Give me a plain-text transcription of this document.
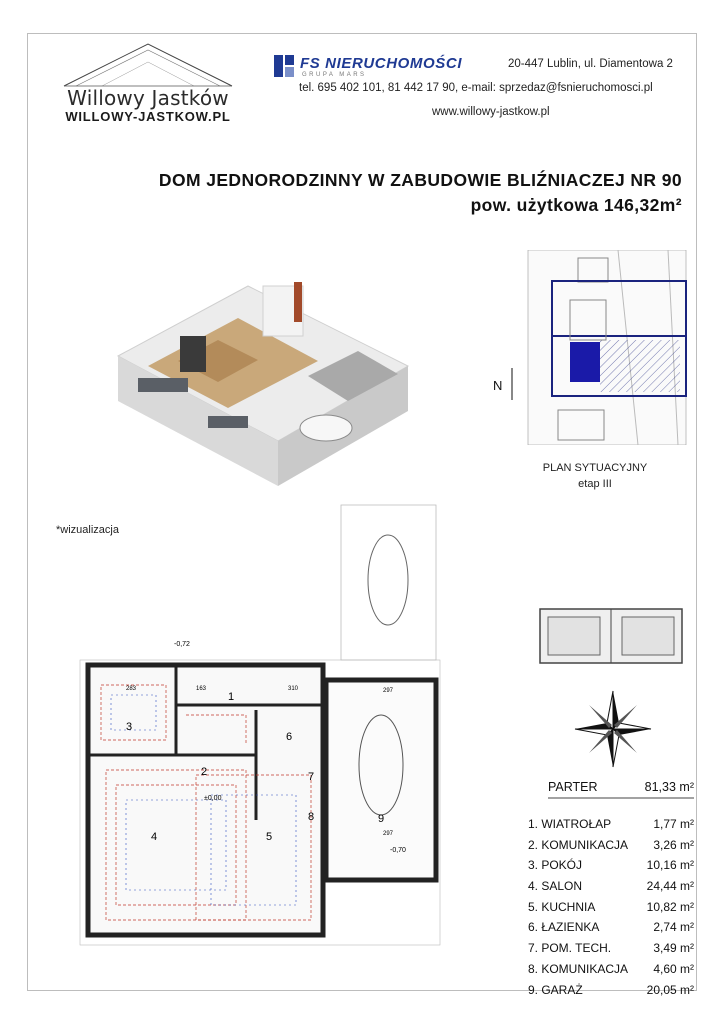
Willowy Jastków
WILLOWY-JASTKOW.PL
FS NIERUCHOMOŚCI
GRUPA MARS
20-447 Lublin, ul. Diamentowa 2
tel. 695 402 101, 81 442 17 90, e-mail: sprzedaz@fsnieruchomosci.pl
www.willowy-jastkow.pl
DOM JEDNORODZINNY W ZABUDOWIE BLIŹNIACZEJ NR 90
pow. użytkowa 146,32m²
*wizualizacja
N
PLAN SYTUACYJNY
etap III
1
2
3
4	5
6
7
8	9
-0,72
±0,00
-0,70
297
297
283	310
163
PARTER	81,33 m²
1. WIATROŁAP	1,77 m²
2. KOMUNIKACJA 3,26 m²
3. POKÓJ	10,16 m²
4. SALON	24,44 m²
5. KUCHNIA	10,82 m²
6. ŁAZIENKA	2,74 m²
7. POM. TECH.	3,49 m²
8. KOMUNIKACJA 4,60 m²
9. GARAŻ	20,05 m²
